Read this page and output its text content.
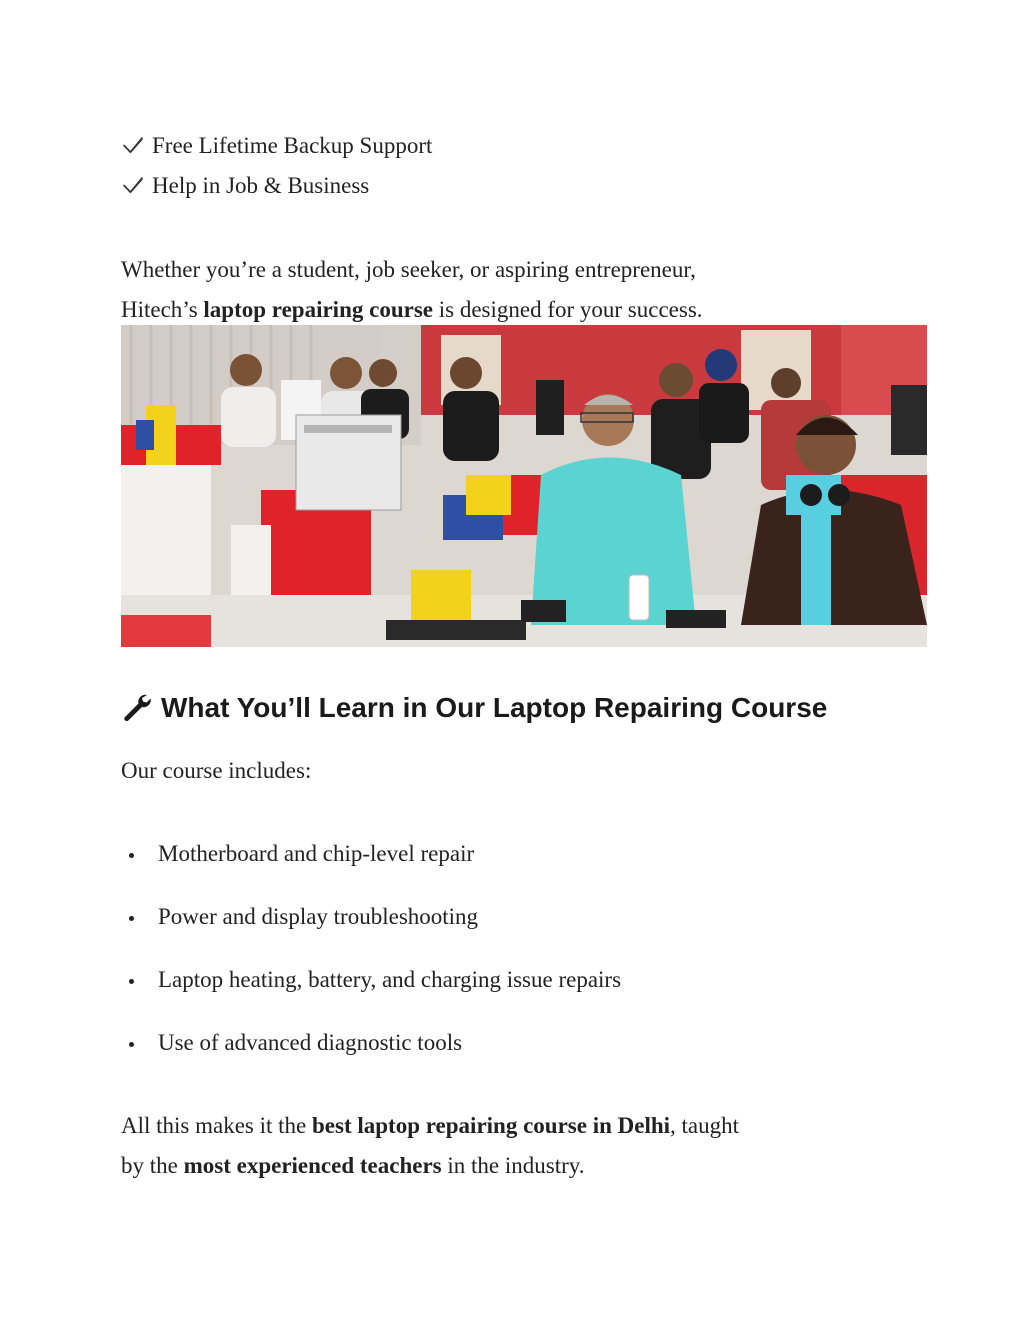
Free Lifetime Backup Support
Help in Job & Business
Whether you’re a student, job seeker, or aspiring entrepreneur,
Hitech’s laptop repairing course is designed for your success.
What You’ll Learn in Our Laptop Repairing Course
Our course includes:
Motherboard and chip-level repair
Power and display troubleshooting
Laptop heating, battery, and charging issue repairs
Use of advanced diagnostic tools
All this makes it the best laptop repairing course in Delhi, taught
by the most experienced teachers in the industry.
